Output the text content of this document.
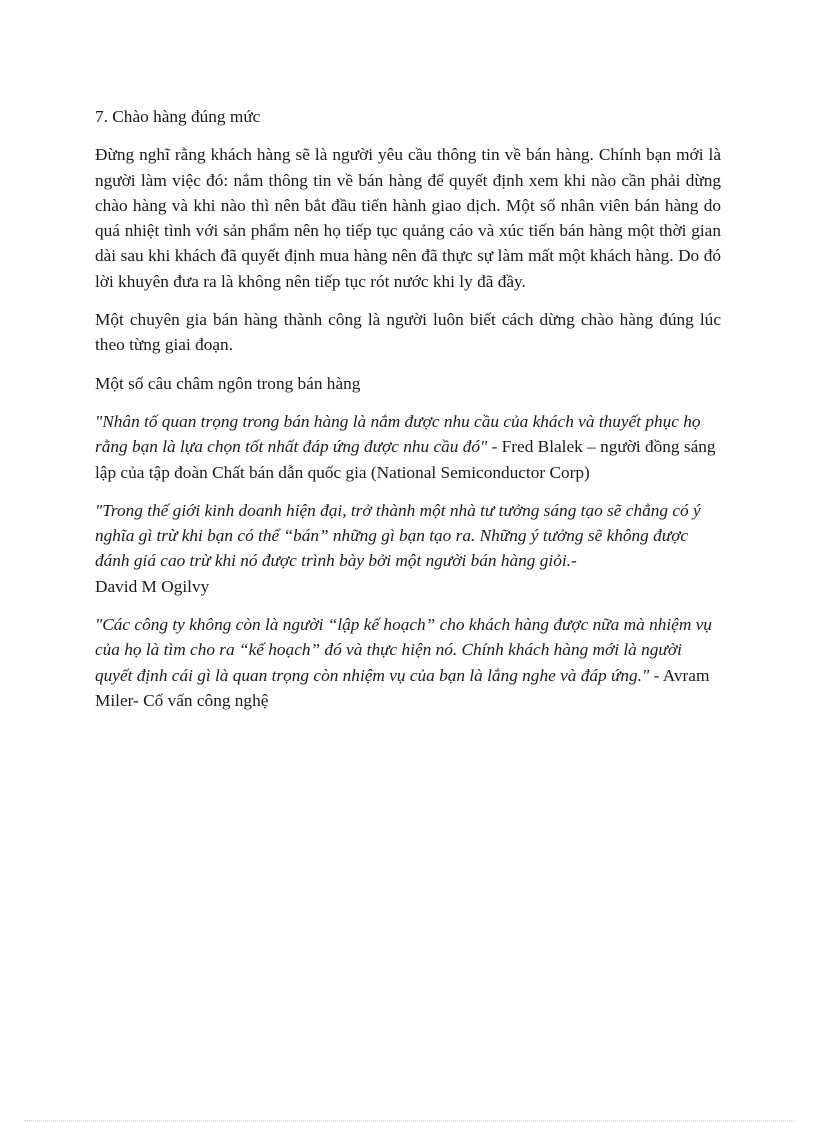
7. Chào hàng đúng mức

Đừng nghĩ rằng khách hàng sẽ là người yêu cầu thông tin về bán hàng. Chính bạn mới là người làm việc đó: nắm thông tin về bán hàng để quyết định xem khi nào cần phải dừng chào hàng và khi nào thì nên bắt đầu tiến hành giao dịch. Một số nhân viên bán hàng do quá nhiệt tình với sản phẩm nên họ tiếp tục quảng cáo và xúc tiến bán hàng một thời gian dài sau khi khách đã quyết định mua hàng nên đã thực sự làm mất một khách hàng. Do đó lời khuyên đưa ra là không nên tiếp tục rót nước khi ly đã đầy.

Một chuyên gia bán hàng thành công là người luôn biết cách dừng chào hàng đúng lúc theo từng giai đoạn.

Một số câu châm ngôn trong bán hàng

"Nhân tố quan trọng trong bán hàng là nắm được nhu cầu của khách và thuyết phục họ rằng bạn là lựa chọn tốt nhất đáp ứng được nhu cầu đó" - Fred Blalek – người đồng sáng lập của tập đoàn Chất bán dẫn quốc gia (National Semiconductor Corp)

"Trong thế giới kinh doanh hiện đại, trở thành một nhà tư tưởng sáng tạo sẽ chẳng có ý nghĩa gì trừ khi bạn có thể “bán” những gì bạn tạo ra. Những ý tưởng sẽ không được đánh giá cao trừ khi nó được trình bày bởi một người bán hàng giỏi.-
David M Ogilvy

"Các công ty không còn là người “lập kế hoạch” cho khách hàng được nữa mà nhiệm vụ của họ là tìm cho ra “kế hoạch” đó và thực hiện nó. Chính khách hàng mới là người quyết định cái gì là quan trọng còn nhiệm vụ của bạn là lắng nghe và đáp ứng." - Avram Miler- Cố vấn công nghệ
